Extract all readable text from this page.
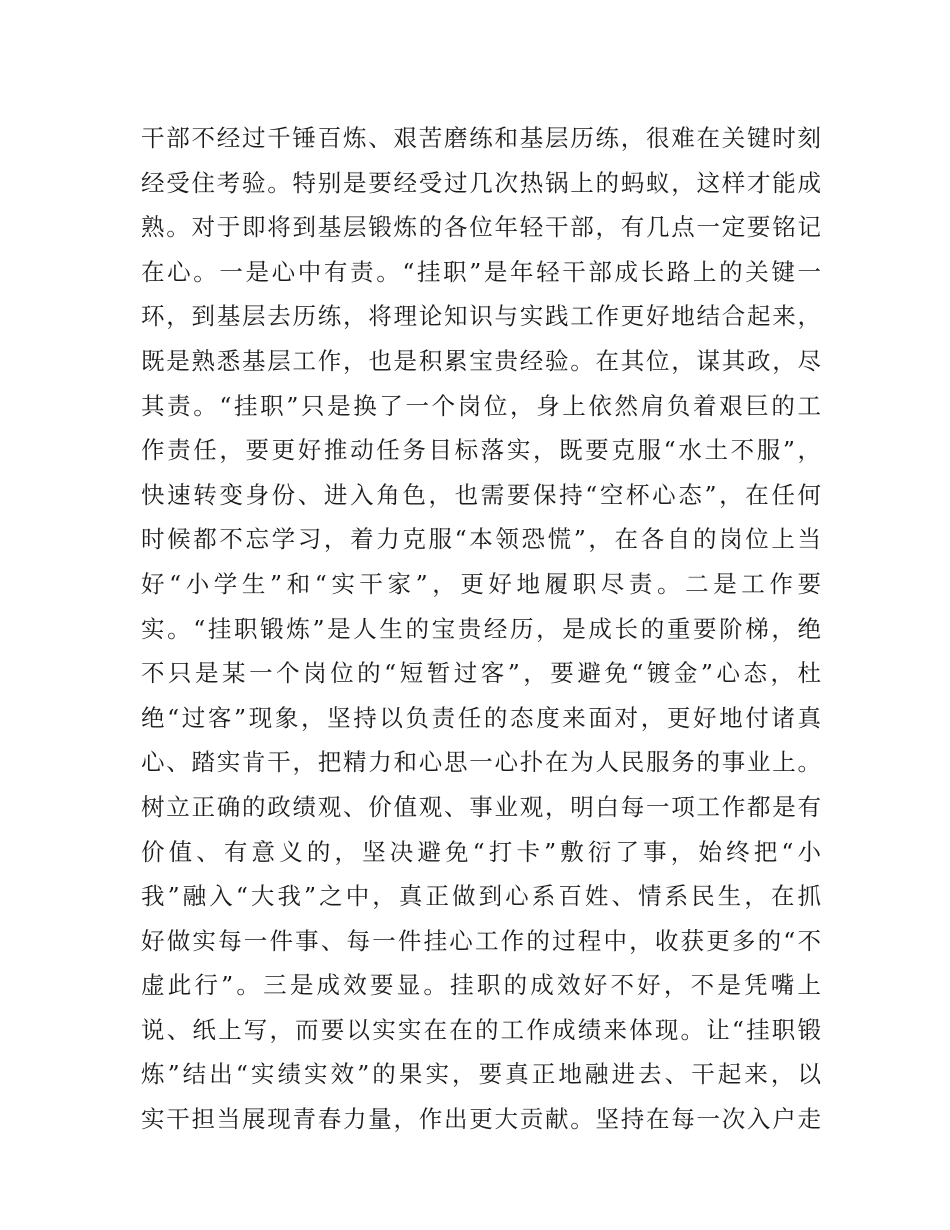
干部不经过千锤百炼、艰苦磨练和基层历练，很难在关键时刻
经受住考验。特别是要经受过几次热锅上的蚂蚁，这样才能成
熟。对于即将到基层锻炼的各位年轻干部，有几点一定要铭记
在心。一是心中有责。“挂职”是年轻干部成长路上的关键一
环，到基层去历练，将理论知识与实践工作更好地结合起来，
既是熟悉基层工作，也是积累宝贵经验。在其位，谋其政，尽
其责。“挂职”只是换了一个岗位，身上依然肩负着艰巨的工
作责任，要更好推动任务目标落实，既要克服“水土不服”，
快速转变身份、进入角色，也需要保持“空杯心态”，在任何
时候都不忘学习，着力克服“本领恐慌”，在各自的岗位上当
好“小学生”和“实干家”，更好地履职尽责。二是工作要
实。“挂职锻炼”是人生的宝贵经历，是成长的重要阶梯，绝
不只是某一个岗位的“短暂过客”，要避免“镀金”心态，杜
绝“过客”现象，坚持以负责任的态度来面对，更好地付诸真
心、踏实肯干，把精力和心思一心扑在为人民服务的事业上。
树立正确的政绩观、价值观、事业观，明白每一项工作都是有
价值、有意义的，坚决避免“打卡”敷衍了事，始终把“小
我”融入“大我”之中，真正做到心系百姓、情系民生，在抓
好做实每一件事、每一件挂心工作的过程中，收获更多的“不
虚此行”。三是成效要显。挂职的成效好不好，不是凭嘴上
说、纸上写，而要以实实在在的工作成绩来体现。让“挂职锻
炼”结出“实绩实效”的果实，要真正地融进去、干起来，以
实干担当展现青春力量，作出更大贡献。坚持在每一次入户走
